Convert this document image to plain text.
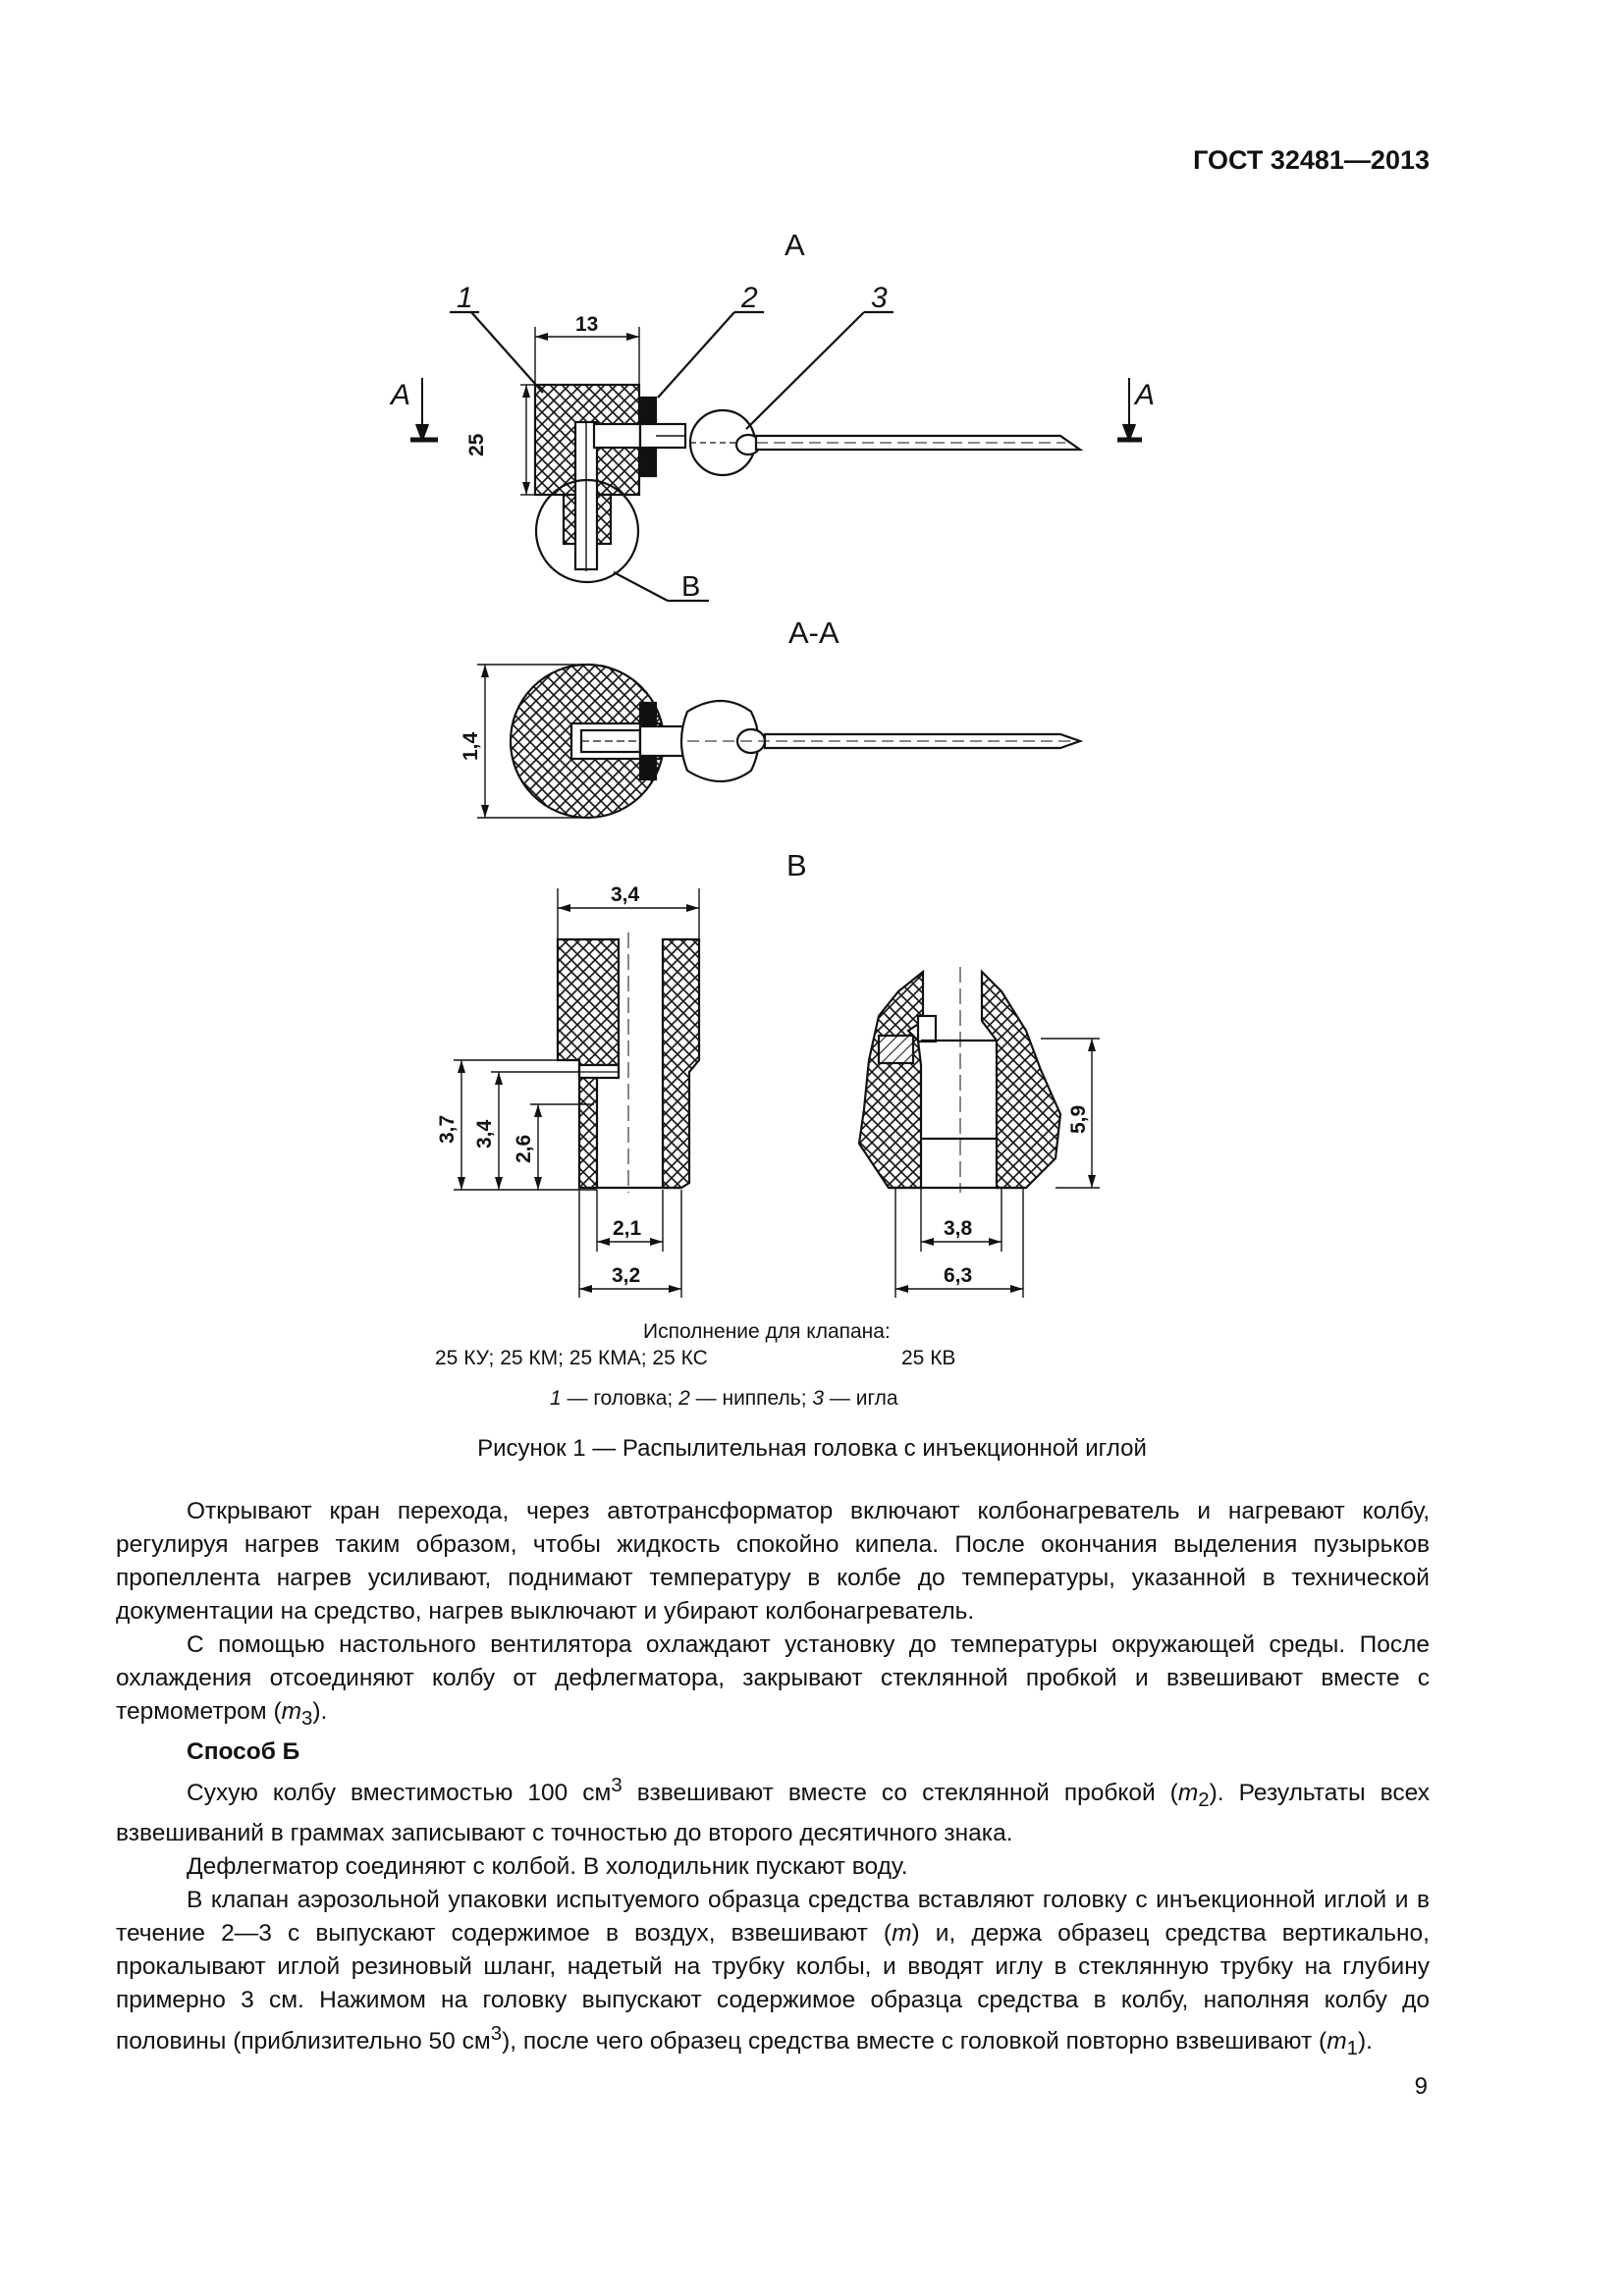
ГОСТ 32481—2013
А
В
1	2	3
А	А
13
25
А-А
1,4
В
3,4
3,7 3,4
2,6
2,1
3,2
5,9
3,8
6,3
Исполнение для клапана:
25 КУ; 25 КМ; 25 КМА; 25 КС	25 КВ
1 — головка; 2 — ниппель; 3 — игла
Рисунок 1 — Распылительная головка с инъекционной иглой

Открывают кран перехода, через автотрансформатор включают колбонагреватель и нагревают колбу, регулируя нагрев таким образом, чтобы жидкость спокойно кипела. После окончания выделения пузырьков пропеллента нагрев усиливают, поднимают температуру в колбе до температуры, указанной в технической документации на средство, нагрев выключают и убирают колбонагреватель.

С помощью настольного вентилятора охлаждают установку до температуры окружающей среды. После охлаждения отсоединяют колбу от дефлегматора, закрывают стеклянной пробкой и взвешивают вместе с термометром $(m_3)$.

Способ Б

Сухую колбу вместимостью 100 $см^3$ взвешивают вместе со стеклянной пробкой $(m_2)$. Результаты всех взвешиваний в граммах записывают с точностью до второго десятичного знака.

Дефлегматор соединяют с колбой. В холодильник пускают воду.

В клапан аэрозольной упаковки испытуемого образца средства вставляют головку с инъекционной иглой и в течение 2—3 с выпускают содержимое в воздух, взвешивают (m) и, держа образец средства вертикально, прокалывают иглой резиновый шланг, надетый на трубку колбы, и вводят иглу в стеклянную трубку на глубину примерно 3 см. Нажимом на головку выпускают содержимое образца средства в колбу, наполняя колбу до половины (приблизительно 50 $см^3$), после чего образец средства вместе с головкой повторно взвешивают $(m_1)$.

9
